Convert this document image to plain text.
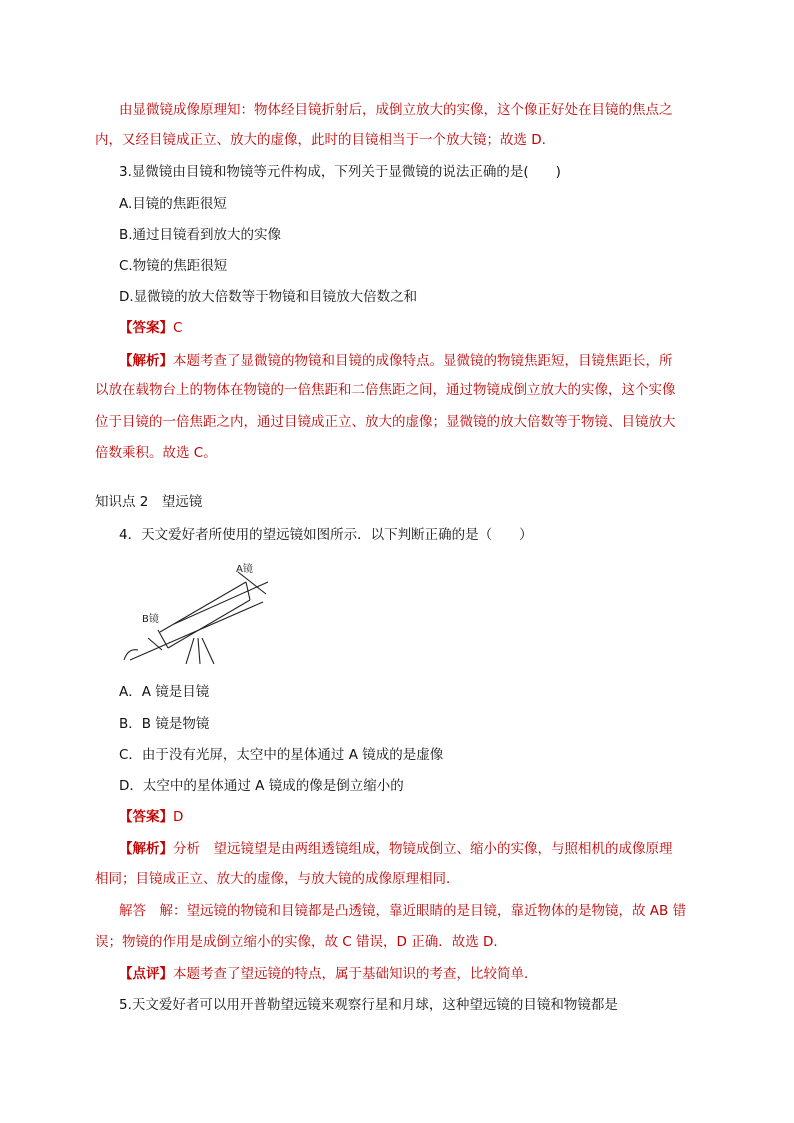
由显微镜成像原理知：物体经目镜折射后，成倒立放大的实像，这个像正好处在目镜的焦点之
内，又经目镜成正立、放大的虚像，此时的目镜相当于一个放大镜；故选 D.
3.显微镜由目镜和物镜等元件构成，下列关于显微镜的说法正确的是(　　)
A.目镜的焦距很短
B.通过目镜看到放大的实像
C.物镜的焦距很短
D.显微镜的放大倍数等于物镜和目镜放大倍数之和
【答案】C
【解析】本题考查了显微镜的物镜和目镜的成像特点。显微镜的物镜焦距短，目镜焦距长，所
以放在载物台上的物体在物镜的一倍焦距和二倍焦距之间，通过物镜成倒立放大的实像，这个实像
位于目镜的一倍焦距之内，通过目镜成正立、放大的虚像；显微镜的放大倍数等于物镜、目镜放大
倍数乘积。故选 C。
知识点 2　望远镜
4．天文爱好者所使用的望远镜如图所示．以下判断正确的是（　　）
A镜
B镜
A．A 镜是目镜
B．B 镜是物镜
C．由于没有光屏，太空中的星体通过 A 镜成的是虚像
D．太空中的星体通过 A 镜成的像是倒立缩小的
【答案】D
【解析】分析　望远镜望是由两组透镜组成，物镜成倒立、缩小的实像，与照相机的成像原理
相同；目镜成正立、放大的虚像，与放大镜的成像原理相同．
解答　解：望远镜的物镜和目镜都是凸透镜，靠近眼睛的是目镜，靠近物体的是物镜，故 AB 错
误；物镜的作用是成倒立缩小的实像，故 C 错误，D 正确．故选 D．
【点评】本题考查了望远镜的特点，属于基础知识的考查，比较简单．
5.天文爱好者可以用开普勒望远镜来观察行星和月球，这种望远镜的目镜和物镜都是
